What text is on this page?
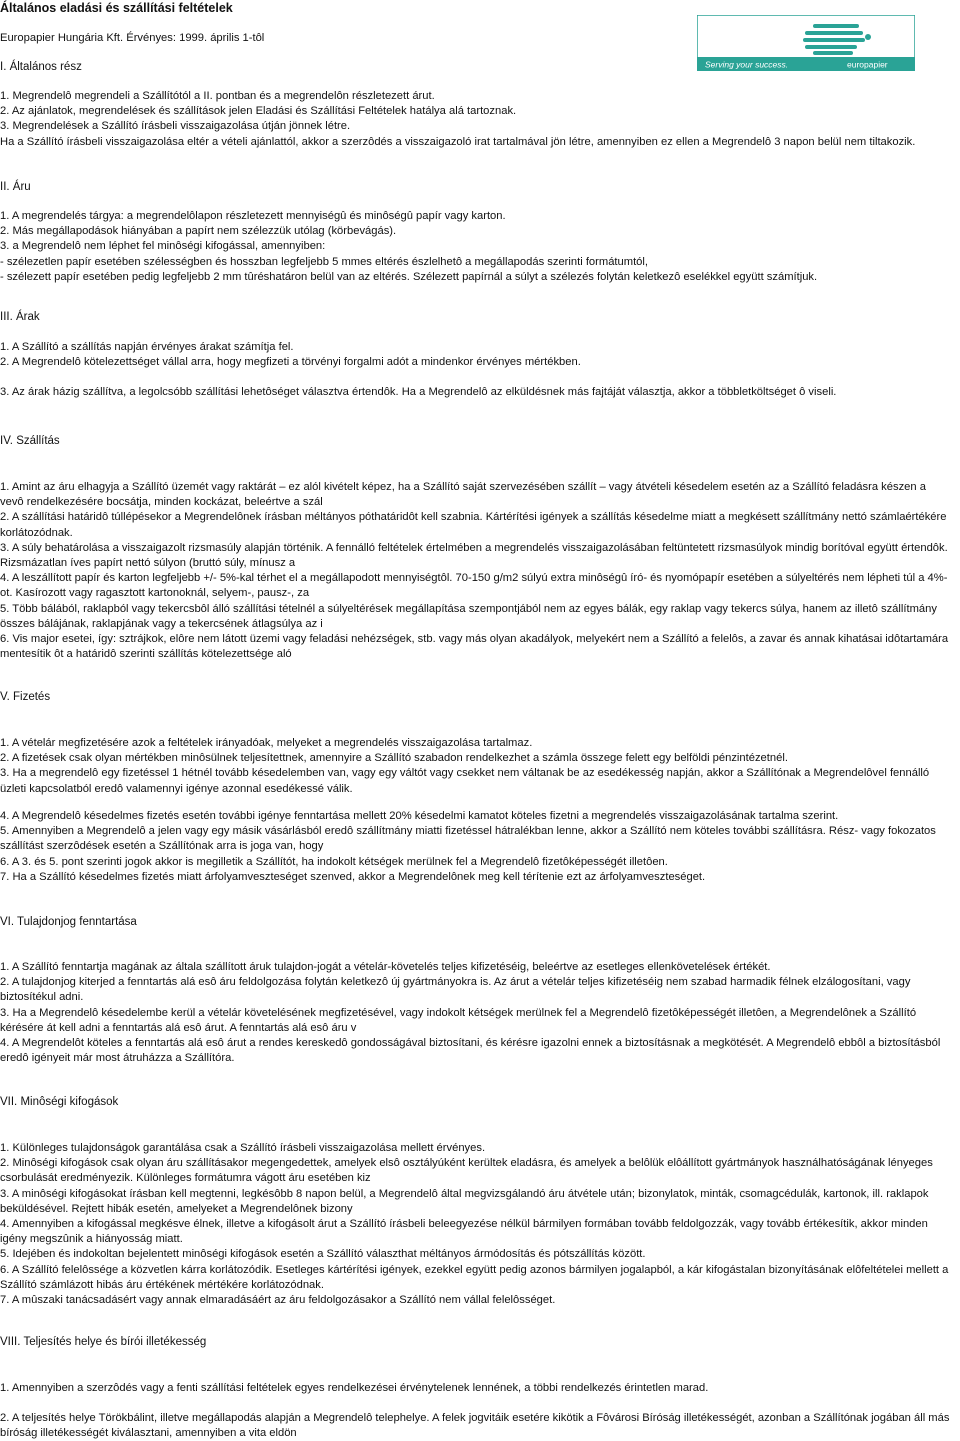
Általános eladási és szállítási feltételek
Europapier Hungária Kft. Érvényes: 1999. április 1-tôl
Serving your success.	europapier
I. Általános rész

1. Megrendelô megrendeli a Szállítótól a II. pontban és a megrendelôn részletezett árut.

2. Az ajánlatok, megrendelések és szállítások jelen Eladási és Szállítási Feltételek hatálya alá tartoznak.

3. Megrendelések a Szállító írásbeli visszaigazolása útján jönnek létre.

Ha a Szállító írásbeli visszaigazolása eltér a vételi ajánlattól, akkor a szerzôdés a visszaigazoló irat tartalmával jön létre, amennyiben ez ellen a Megrendelô 3 napon belül nem tiltakozik.

II. Áru

1. A megrendelés tárgya: a megrendelôlapon részletezett mennyiségû és minôségû papír vagy karton.

2. Más megállapodások hiányában a papírt nem szélezzük utólag (körbevágás).

3. a Megrendelô nem léphet fel minôségi kifogással, amennyiben:

- szélezetlen papír esetében szélességben és hosszban legfeljebb 5 mmes eltérés észlelhetô a megállapodás szerinti formátumtól,

- szélezett papír esetében pedig legfeljebb 2 mm tûréshatáron belül van az eltérés. Szélezett papírnál a súlyt a szélezés folytán keletkezô eselékkel együtt számítjuk.

III. Árak

1. A Szállító a szállítás napján érvényes árakat számítja fel.

2. A Megrendelô kötelezettséget vállal arra, hogy megfizeti a törvényi forgalmi adót a mindenkor érvényes mértékben.

3. Az árak házig szállítva, a legolcsóbb szállítási lehetôséget választva értendôk. Ha a Megrendelô az elküldésnek más fajtáját választja, akkor a többletköltséget ô viseli.

IV. Szállítás

1. Amint az áru elhagyja a Szállító üzemét vagy raktárát – ez alól kivételt képez, ha a Szállító saját szervezésében szállít – vagy átvételi késedelem esetén az a Szállító feladásra készen a vevô rendelkezésére bocsátja, minden kockázat, beleértve a szál

2. A szállítási határidô túllépésekor a Megrendelônek írásban méltányos póthatáridôt kell szabnia. Kártérítési igények a szállítás késedelme miatt a megkésett szállítmány nettó számlaértékére korlátozódnak.

3. A súly behatárolása a visszaigazolt rizsmasúly alapján történik. A fennálló feltételek értelmében a megrendelés visszaigazolásában feltüntetett rizsmasúlyok mindig borítóval együtt értendôk. Rizsmázatlan íves papírt nettó súlyon (bruttó súly, mínusz a

4. A leszállított papír és karton legfeljebb +/- 5%-kal térhet el a megállapodott mennyiségtôl. 70-150 g/m2 súlyú extra minôségû író- és nyomópapír esetében a súlyeltérés nem lépheti túl a 4%-ot. Kasírozott vagy ragasztott kartonoknál, selyem-, pausz-, za

5. Több bálából, raklapból vagy tekercsbôl álló szállítási tételnél a súlyeltérések megállapítása szempontjából nem az egyes bálák, egy raklap vagy tekercs súlya, hanem az illetô szállítmány összes bálájának, raklapjának vagy a tekercsének átlagsúlya az i

6. Vis major esetei, így: sztrájkok, elôre nem látott üzemi vagy feladási nehézségek, stb. vagy más olyan akadályok, melyekért nem a Szállító a felelôs, a zavar és annak kihatásai idôtartamára mentesítik ôt a határidô szerinti szállítás kötelezettsége aló

V. Fizetés

1. A vételár megfizetésére azok a feltételek irányadóak, melyeket a megrendelés visszaigazolása tartalmaz.

2. A fizetések csak olyan mértékben minôsülnek teljesítettnek, amennyire a Szállító szabadon rendelkezhet a számla összege felett egy belföldi pénzintézetnél.

3. Ha a megrendelô egy fizetéssel 1 hétnél tovább késedelemben van, vagy egy váltót vagy csekket nem váltanak be az esedékesség napján, akkor a Szállítónak a Megrendelôvel fennálló üzleti kapcsolatból eredô valamennyi igénye azonnal esedékessé válik.

4. A Megrendelô késedelmes fizetés esetén további igénye fenntartása mellett 20% késedelmi kamatot köteles fizetni a megrendelés visszaigazolásának tartalma szerint.

5. Amennyiben a Megrendelô a jelen vagy egy másik vásárlásból eredô szállítmány miatti fizetéssel hátralékban lenne, akkor a Szállító nem köteles további szállításra. Rész- vagy fokozatos szállítást szerzôdések esetén a Szállítónak arra is joga van, hogy

6. A 3. és 5. pont szerinti jogok akkor is megilletik a Szállítót, ha indokolt kétségek merülnek fel a Megrendelô fizetôképességét illetôen.

7. Ha a Szállító késedelmes fizetés miatt árfolyamveszteséget szenved, akkor a Megrendelônek meg kell térítenie ezt az árfolyamveszteséget.

VI. Tulajdonjog fenntartása

1. A Szállító fenntartja magának az általa szállított áruk tulajdon-jogát a vételár-követelés teljes kifizetéséig, beleértve az esetleges ellenkövetelések értékét.

2. A tulajdonjog kiterjed a fenntartás alá esô áru feldolgozása folytán keletkezô új gyártmányokra is. Az árut a vételár teljes kifizetéséig nem szabad harmadik félnek elzálogosítani, vagy biztosítékul adni.

3. Ha a Megrendelô késedelembe kerül a vételár követelésének megfizetésével, vagy indokolt kétségek merülnek fel a Megrendelô fizetôképességét illetôen, a Megrendelônek a Szállító kérésére át kell adni a fenntartás alá esô árut. A fenntartás alá esô áru v

4. A Megrendelôt köteles a fenntartás alá esô árut a rendes kereskedô gondosságával biztosítani, és kérésre igazolni ennek a biztosításnak a megkötését. A Megrendelô ebbôl a biztosításból eredô igényeit már most átruházza a Szállítóra.

VII. Minôségi kifogások

1. Különleges tulajdonságok garantálása csak a Szállító írásbeli visszaigazolása mellett érvényes.

2. Minôségi kifogások csak olyan áru szállításakor megengedettek, amelyek elsô osztályúként kerültek eladásra, és amelyek a belôlük elôállított gyártmányok használhatóságának lényeges csorbulását eredményezik. Különleges formátumra vágott áru esetében kiz

3. A minôségi kifogásokat írásban kell megtenni, legkésôbb 8 napon belül, a Megrendelô által megvizsgálandó áru átvétele után; bizonylatok, minták, csomagcédulák, kartonok, ill. raklapok beküldésével. Rejtett hibák esetén, amelyeket a Megrendelônek bizony

4. Amennyiben a kifogással megkésve élnek, illetve a kifogásolt árut a Szállító írásbeli beleegyezése nélkül bármilyen formában tovább feldolgozzák, vagy tovább értékesítik, akkor minden igény megszûnik a hiányosság miatt.

5. Idejében és indokoltan bejelentett minôségi kifogások esetén a Szállító választhat méltányos ármódosítás és pótszállítás között.

6. A Szállító felelôssége a közvetlen kárra korlátozódik. Esetleges kártérítési igények, ezekkel együtt pedig azonos bármilyen jogalapból, a kár kifogástalan bizonyításának elôfeltételei mellett a Szállító számlázott hibás áru értékének mértékére korlátozódnak.

7. A mûszaki tanácsadásért vagy annak elmaradásáért az áru feldolgozásakor a Szállító nem vállal felelôsséget.

VIII. Teljesítés helye és bírói illetékesség

1. Amennyiben a szerzôdés vagy a fenti szállítási feltételek egyes rendelkezései érvénytelenek lennének, a többi rendelkezés érintetlen marad.

2. A teljesítés helye Törökbálint, illetve megállapodás alapján a Megrendelô telephelye. A felek jogvitáik esetére kikötik a Fôvárosi Bíróság illetékességét, azonban a Szállítónak jogában áll más bíróság illetékességét kiválasztani, amennyiben a vita eldön
